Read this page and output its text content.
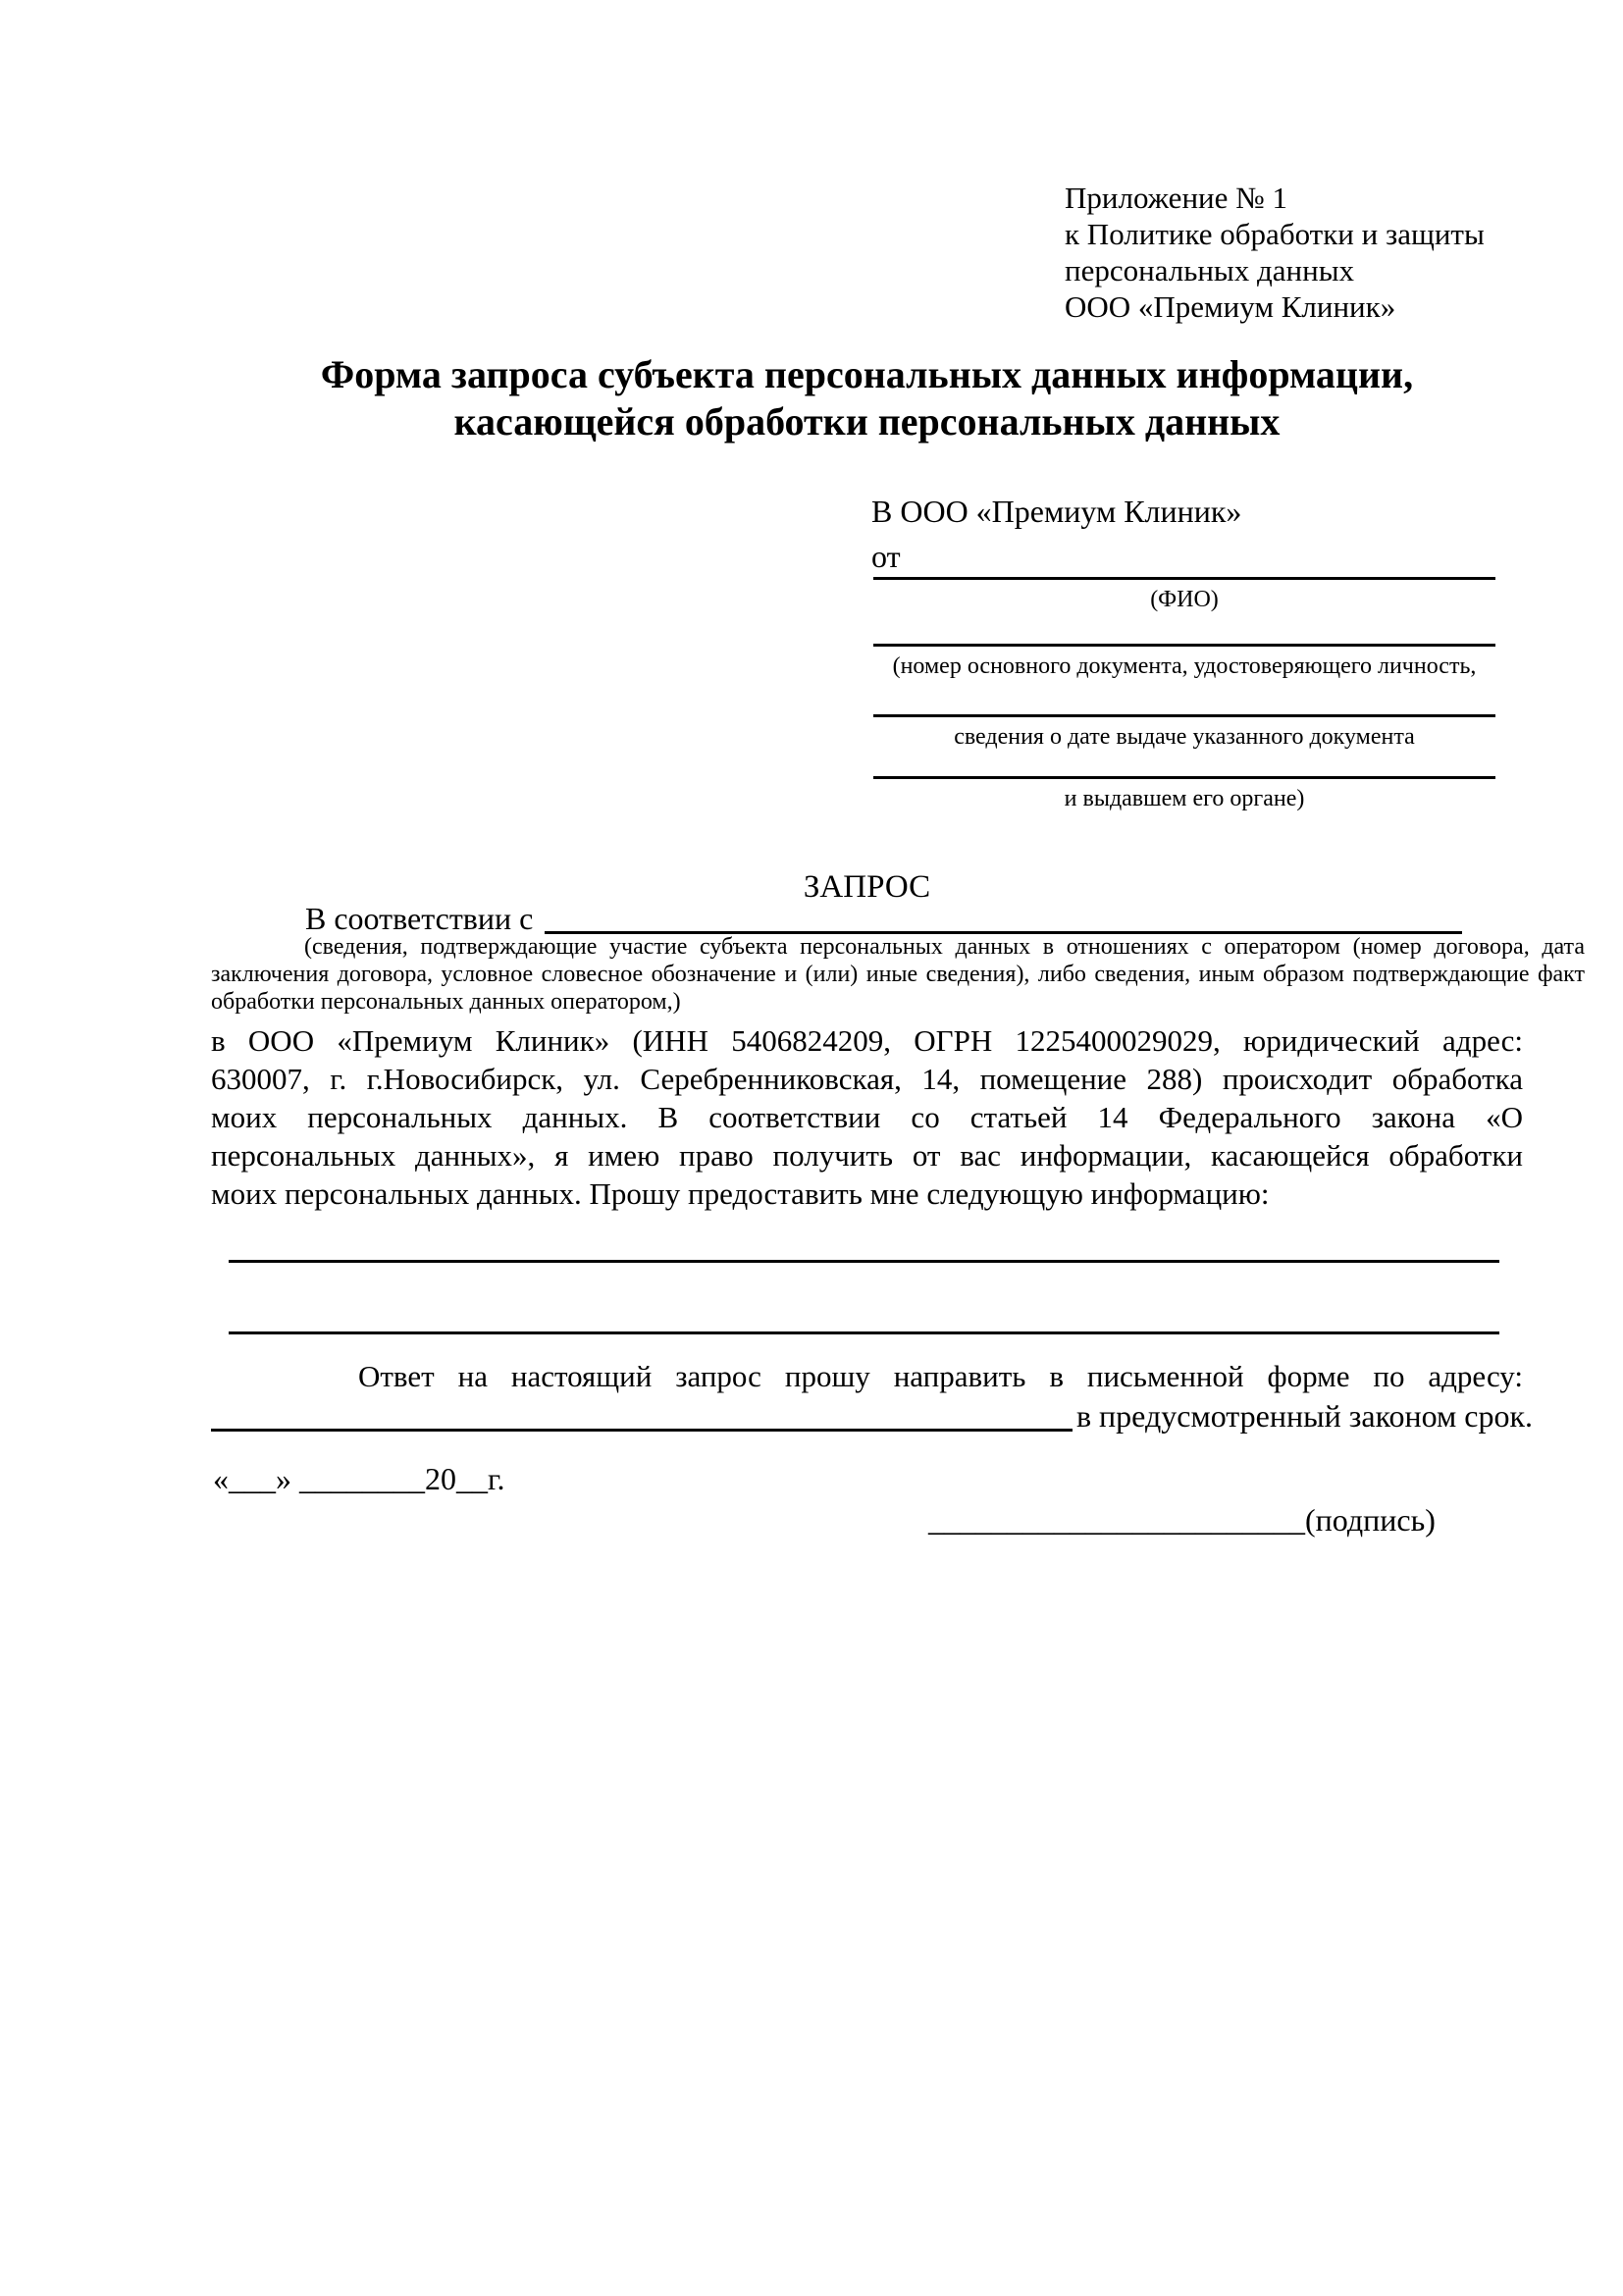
Приложение № 1
к Политике обработки и защиты
персональных данных
ООО «Премиум Клиник»
Форма запроса субъекта персональных данных информации,
касающейся обработки персональных данных
В ООО «Премиум Клиник»
от
(ФИО)
(номер основного документа, удостоверяющего личность,
сведения о дате выдаче указанного документа
и выдавшем его органе)
ЗАПРОС
В соответствии с
(сведения, подтверждающие участие субъекта персональных данных в отношениях с оператором (номер договора, дата
заключения договора, условное словесное обозначение и (или) иные сведения), либо сведения, иным образом подтверждающие факт
обработки персональных данных оператором,)
в ООО «Премиум Клиник» (ИНН 5406824209, ОГРН 1225400029029, юридический адрес:
630007, г. г.Новосибирск, ул. Серебренниковская, 14, помещение 288) происходит обработка
моих персональных данных. В соответствии со статьей 14 Федерального закона «О
персональных данных», я имею право получить от вас информации, касающейся обработки
моих персональных данных. Прошу предоставить мне следующую информацию:
Ответ на настоящий запрос прошу направить в письменной форме по адресу:
в предусмотренный законом срок.
«___» ________20__г.

________________________(подпись)
